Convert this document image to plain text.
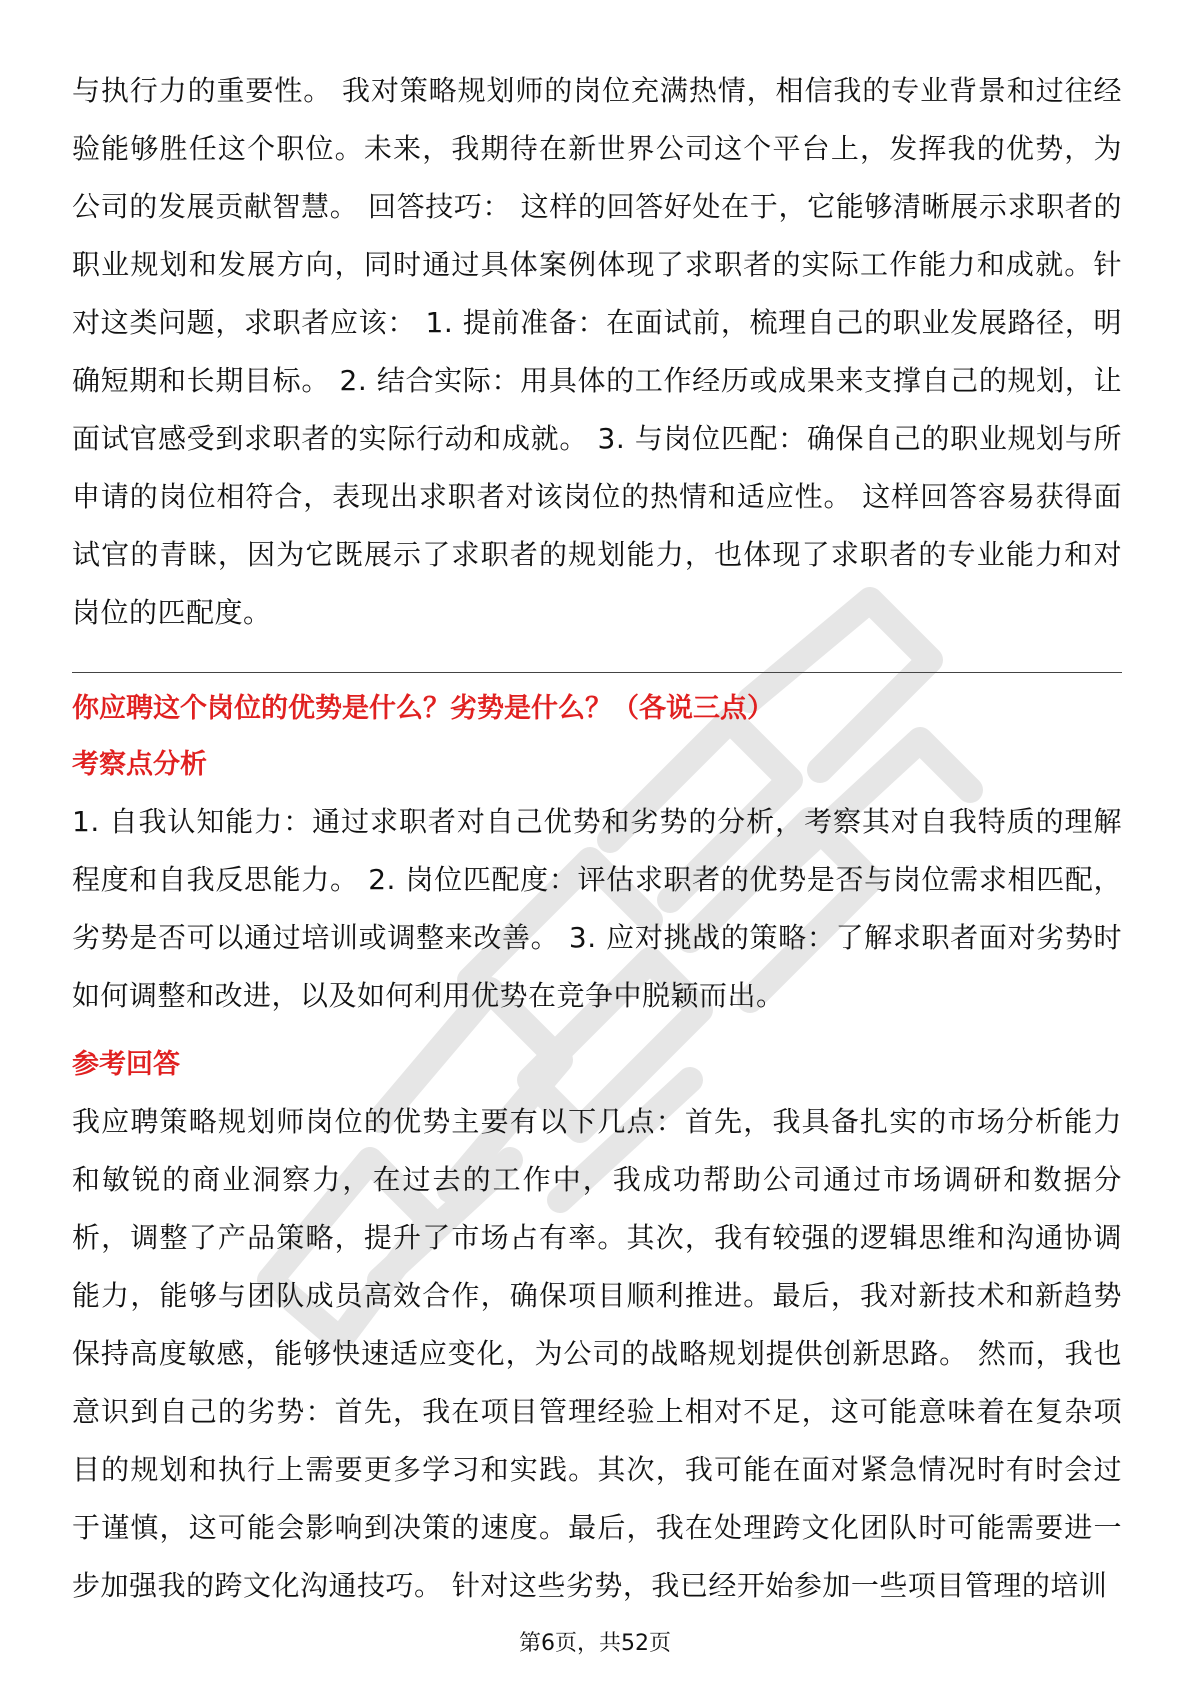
与执行力的重要性。 我对策略规划师的岗位充满热情，相信我的专业背景和过往经验能够胜任这个职位。未来，我期待在新世界公司这个平台上，发挥我的优势，为公司的发展贡献智慧。 回答技巧： 这样的回答好处在于，它能够清晰展示求职者的职业规划和发展方向，同时通过具体案例体现了求职者的实际工作能力和成就。针对这类问题，求职者应该： 1. 提前准备：在面试前，梳理自己的职业发展路径，明确短期和长期目标。 2. 结合实际：用具体的工作经历或成果来支撑自己的规划，让面试官感受到求职者的实际行动和成就。 3. 与岗位匹配：确保自己的职业规划与所申请的岗位相符合，表现出求职者对该岗位的热情和适应性。 这样回答容易获得面试官的青睐，因为它既展示了求职者的规划能力，也体现了求职者的专业能力和对岗位的匹配度。

你应聘这个岗位的优势是什么？劣势是什么？（各说三点）

考察点分析

1. 自我认知能力：通过求职者对自己优势和劣势的分析，考察其对自我特质的理解程度和自我反思能力。 2. 岗位匹配度：评估求职者的优势是否与岗位需求相匹配，劣势是否可以通过培训或调整来改善。 3. 应对挑战的策略：了解求职者面对劣势时如何调整和改进，以及如何利用优势在竞争中脱颖而出。

参考回答

我应聘策略规划师岗位的优势主要有以下几点：首先，我具备扎实的市场分析能力和敏锐的商业洞察力，在过去的工作中，我成功帮助公司通过市场调研和数据分析，调整了产品策略，提升了市场占有率。其次，我有较强的逻辑思维和沟通协调能力，能够与团队成员高效合作，确保项目顺利推进。最后，我对新技术和新趋势保持高度敏感，能够快速适应变化，为公司的战略规划提供创新思路。 然而，我也意识到自己的劣势：首先，我在项目管理经验上相对不足，这可能意味着在复杂项目的规划和执行上需要更多学习和实践。其次，我可能在面对紧急情况时有时会过于谨慎，这可能会影响到决策的速度。最后，我在处理跨文化团队时可能需要进一步加强我的跨文化沟通技巧。 针对这些劣势，我已经开始参加一些项目管理的培训

第6页，共52页
